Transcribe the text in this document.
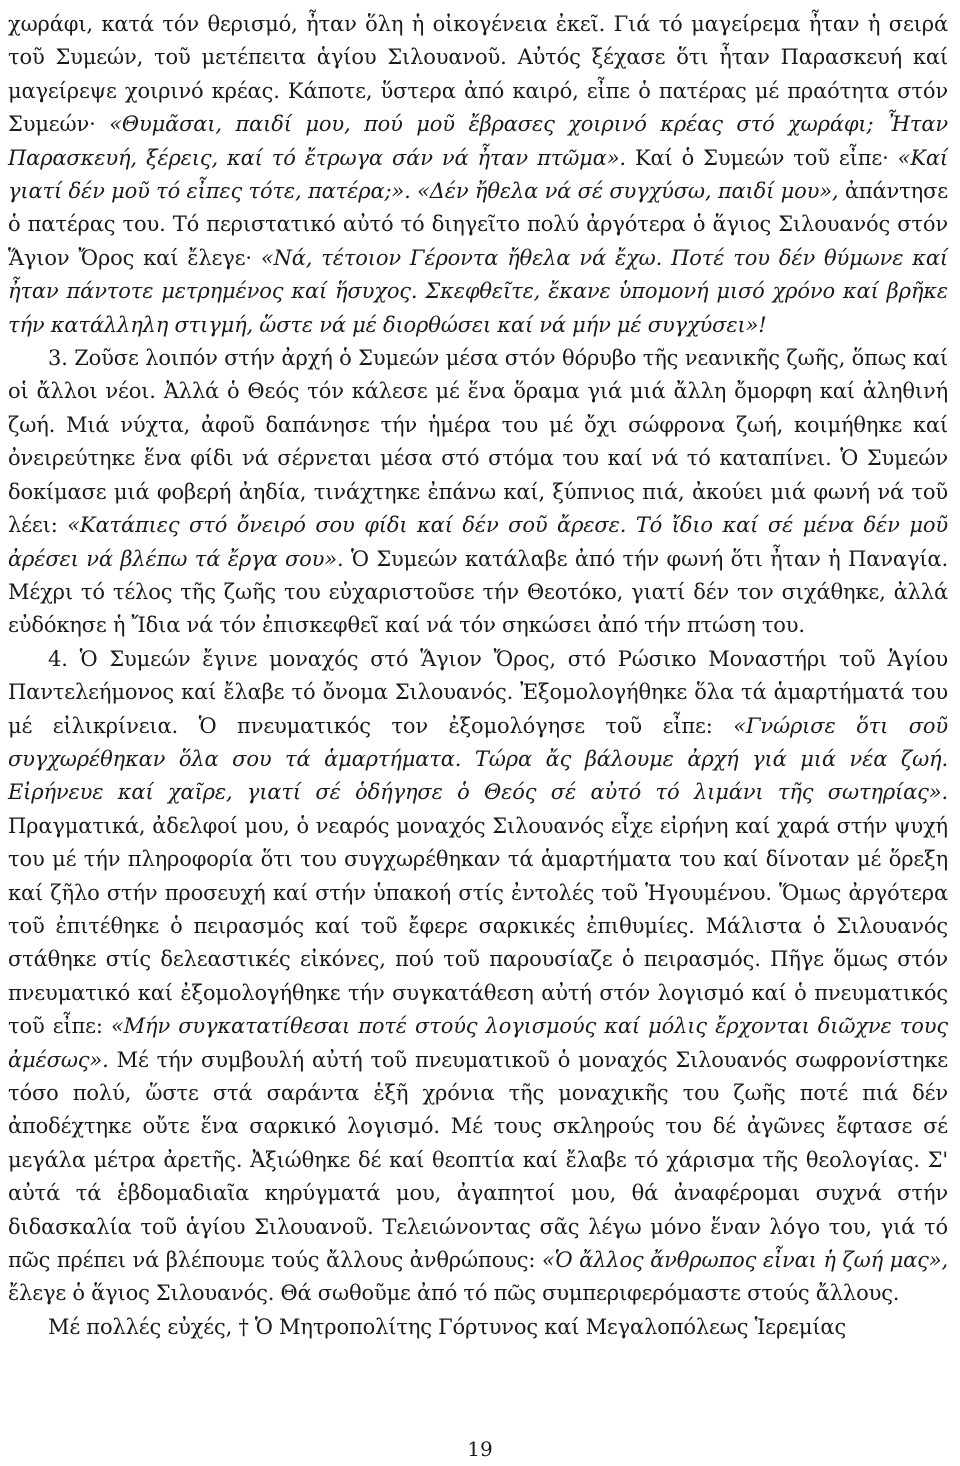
χωράφι, κατά τόν θερισμό, ἦταν ὅλη ἡ οἰκογένεια ἐκεῖ. Γιά τό μαγείρεμα ἦταν ἡ σειρά τοῦ Συμεών, τοῦ μετέπειτα ἁγίου Σιλουανοῦ. Αὐτός ξέχασε ὅτι ἦταν Παρασκευή καί μαγείρεψε χοιρινό κρέας. Κάποτε, ὕστερα ἀπό καιρό, εἶπε ὁ πατέρας μέ πραότητα στόν Συμεών· «Θυμᾶσαι, παιδί μου, πού μοῦ ἔβρασες χοιρινό κρέας στό χωράφι; Ἦταν Παρασκευή, ξέρεις, καί τό ἔτρωγα σάν νά ἦταν πτῶμα». Καί ὁ Συμεών τοῦ εἶπε· «Καί γιατί δέν μοῦ τό εἶπες τότε, πατέρα;». «Δέν ἤθελα νά σέ συγχύσω, παιδί μου», ἀπάντησε ὁ πατέρας του. Τό περιστατικό αὐτό τό διηγεῖτο πολύ ἀργότερα ὁ ἅγιος Σιλουανός στόν Ἅγιον Ὄρος καί ἔλεγε· «Νά, τέτοιον Γέροντα ἤθελα νά ἔχω. Ποτέ του δέν θύμωνε καί ἦταν πάντοτε μετρημένος καί ἥσυχος. Σκεφθεῖτε, ἔκανε ὑπομονή μισό χρόνο καί βρῆκε τήν κατάλληλη στιγμή, ὥστε νά μέ διορθώσει καί νά μήν μέ συγχύσει»!

3. Ζοῦσε λοιπόν στήν ἀρχή ὁ Συμεών μέσα στόν θόρυβο τῆς νεανικῆς ζωῆς, ὅπως καί οἱ ἄλλοι νέοι. Ἀλλά ὁ Θεός τόν κάλεσε μέ ἕνα ὅραμα γιά μιά ἄλλη ὄμορφη καί ἀληθινή ζωή. Μιά νύχτα, ἀφοῦ δαπάνησε τήν ἡμέρα του μέ ὄχι σώφρονα ζωή, κοιμήθηκε καί ὀνειρεύτηκε ἕνα φίδι νά σέρνεται μέσα στό στόμα του καί νά τό καταπίνει. Ὁ Συμεών δοκίμασε μιά φοβερή ἀηδία, τινάχτηκε ἐπάνω καί, ξύπνιος πιά, ἀκούει μιά φωνή νά τοῦ λέει: «Κατάπιες στό ὄνειρό σου φίδι καί δέν σοῦ ἄρεσε. Τό ἴδιο καί σέ μένα δέν μοῦ ἀρέσει νά βλέπω τά ἔργα σου». Ὁ Συμεών κατάλαβε ἀπό τήν φωνή ὅτι ἦταν ἡ Παναγία. Μέχρι τό τέλος τῆς ζωῆς του εὐχαριστοῦσε τήν Θεοτόκο, γιατί δέν τον σιχάθηκε, ἀλλά εὐδόκησε ἡ Ἴδια νά τόν ἐπισκεφθεῖ καί νά τόν σηκώσει ἀπό τήν πτώση του.

4. Ὁ Συμεών ἔγινε μοναχός στό Ἅγιον Ὄρος, στό Ρώσικο Μοναστήρι τοῦ Ἁγίου Παντελεήμονος καί ἔλαβε τό ὄνομα Σιλουανός. Ἐξομολογήθηκε ὅλα τά ἁμαρτήματά του μέ εἰλικρίνεια. Ὁ πνευματικός τον ἐξομολόγησε τοῦ εἶπε: «Γνώρισε ὅτι σοῦ συγχωρέθηκαν ὅλα σου τά ἁμαρτήματα. Τώρα ἄς βάλουμε ἀρχή γιά μιά νέα ζωή. Εἰρήνευε καί χαῖρε, γιατί σέ ὁδήγησε ὁ Θεός σέ αὐτό τό λιμάνι τῆς σωτηρίας». Πραγματικά, ἀδελφοί μου, ὁ νεαρός μοναχός Σιλουανός εἶχε εἰρήνη καί χαρά στήν ψυχή του μέ τήν πληροφορία ὅτι του συγχωρέθηκαν τά ἁμαρτήματα του καί δίνοταν μέ ὅρεξη καί ζῆλο στήν προσευχή καί στήν ὑπακοή στίς ἐντολές τοῦ Ἡγουμένου. Ὅμως ἀργότερα τοῦ ἐπιτέθηκε ὁ πειρασμός καί τοῦ ἔφερε σαρκικές ἐπιθυμίες. Μάλιστα ὁ Σιλουανός στάθηκε στίς δελεαστικές εἰκόνες, πού τοῦ παρουσίαζε ὁ πειρασμός. Πῆγε ὅμως στόν πνευματικό καί ἐξομολογήθηκε τήν συγκατάθεση αὐτή στόν λογισμό καί ὁ πνευματικός τοῦ εἶπε: «Μήν συγκατατίθεσαι ποτέ στούς λογισμούς καί μόλις ἔρχονται διῶχνε τους ἀμέσως». Μέ τήν συμβουλή αὐτή τοῦ πνευματικοῦ ὁ μοναχός Σιλουανός σωφρονίστηκε τόσο πολύ, ὥστε στά σαράντα ἑξῆ χρόνια τῆς μοναχικῆς του ζωῆς ποτέ πιά δέν ἀποδέχτηκε οὔτε ἕνα σαρκικό λογισμό. Μέ τους σκληρούς του δέ ἀγῶνες ἔφτασε σέ μεγάλα μέτρα ἀρετῆς. Ἀξιώθηκε δέ καί θεοπτία καί ἔλαβε τό χάρισμα τῆς θεολογίας. Σ' αὐτά τά ἑβδομαδιαῖα κηρύγματά μου, ἀγαπητοί μου, θά ἀναφέρομαι συχνά στήν διδασκαλία τοῦ ἁγίου Σιλουανοῦ. Τελειώνοντας σᾶς λέγω μόνο ἕναν λόγο του, γιά τό πῶς πρέπει νά βλέπουμε τούς ἄλλους ἀνθρώπους: «Ὁ ἄλλος ἄνθρωπος εἶναι ἡ ζωή μας», ἔλεγε ὁ ἅγιος Σιλουανός. Θά σωθοῦμε ἀπό τό πῶς συμπεριφερόμαστε στούς ἄλλους.

Μέ πολλές εὐχές, † Ὁ Μητροπολίτης Γόρτυνος καί Μεγαλοπόλεως Ἱερεμίας

19
